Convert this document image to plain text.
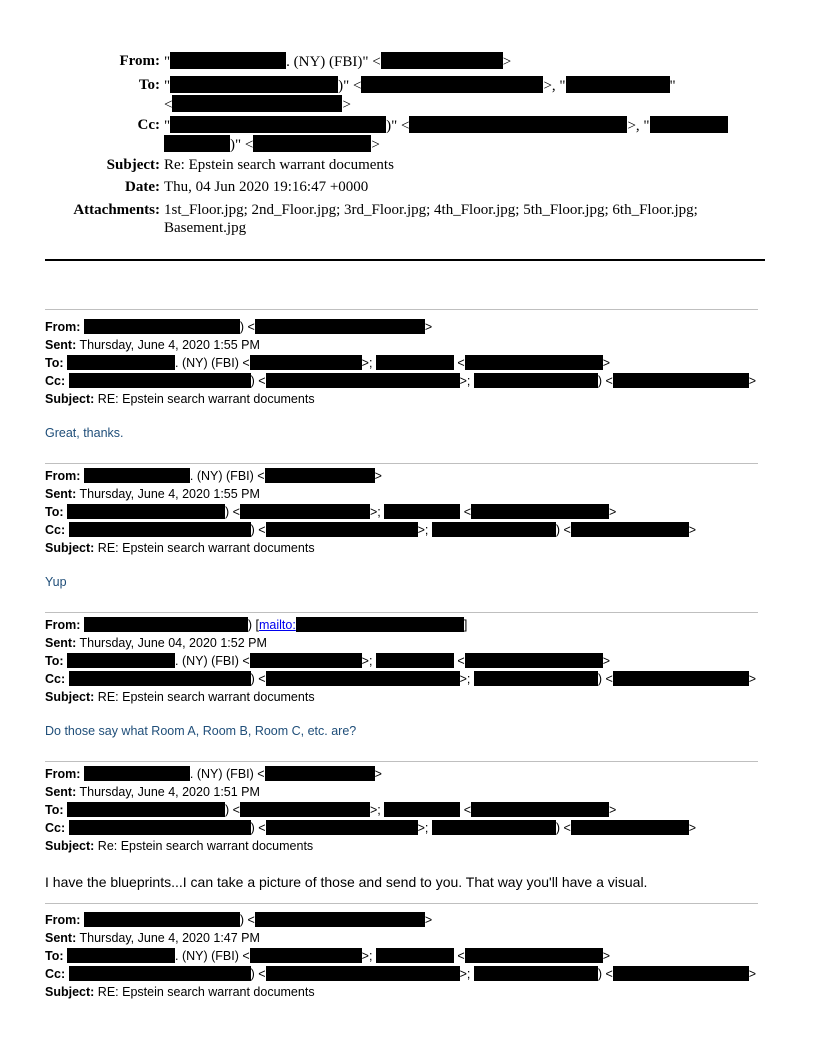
From: "	. (NY) (FBI)" <	>
To: "	)" <	>, "	"
<	>
Cc: "	)" <	>, "
)" <	>
Subject: Re: Epstein search warrant documents
Date: Thu, 04 Jun 2020 19:16:47 +0000
Attachments: 1st_Floor.jpg; 2nd_Floor.jpg; 3rd_Floor.jpg; 4th_Floor.jpg; 5th_Floor.jpg; 6th_Floor.jpg;
Basement.jpg
From:	) <	>
Sent: Thursday, June 4, 2020 1:55 PM
To:	. (NY) (FBI) <	>;	<	>
Cc:	) <	>;	) <	>
Subject: RE: Epstein search warrant documents
Great, thanks.
From:	. (NY) (FBI) <	>
Sent: Thursday, June 4, 2020 1:55 PM
To:	) <	>;	<	>
Cc:	) <	>;	) <	>
Subject: RE: Epstein search warrant documents
Yup
From:	) [mailto:	]
Sent: Thursday, June 04, 2020 1:52 PM
To:	. (NY) (FBI) <	>;	<	>
Cc:	) <	>;	) <	>
Subject: RE: Epstein search warrant documents
Do those say what Room A, Room B, Room C, etc. are?
From:	. (NY) (FBI) <	>
Sent: Thursday, June 4, 2020 1:51 PM
To:	) <	>;	<	>
Cc:	) <	>;	) <	>
Subject: Re: Epstein search warrant documents
I have the blueprints...I can take a picture of those and send to you. That way you'll have a visual.
From:	) <	>
Sent: Thursday, June 4, 2020 1:47 PM
To:	. (NY) (FBI) <	>;	<	>
Cc:	) <	>;	) <	>
Subject: RE: Epstein search warrant documents
